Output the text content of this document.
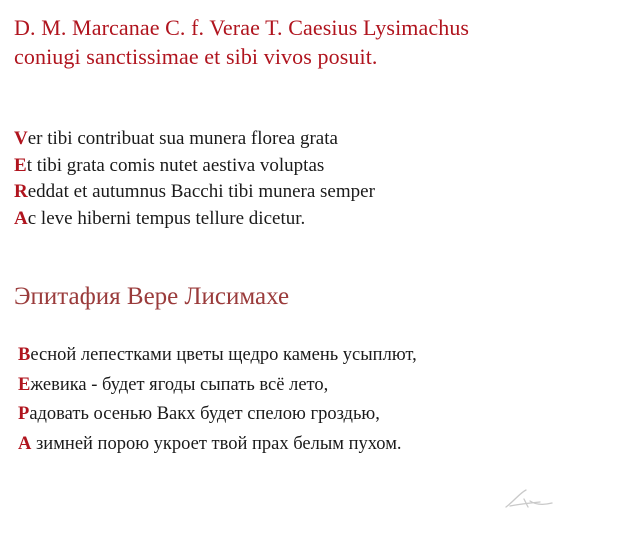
D. M. Marcanae C. f. Verae T. Caesius Lysimachus
coniugi sanctissimae et sibi vivos posuit.
Ver tibi contribuat sua munera florea grata
Et tibi grata comis nutet aestiva voluptas
Reddat et autumnus Bacchi tibi munera semper
Ac leve hiberni tempus tellure dicetur.
Эпитафия Вере Лисимахе
Весной лепестками цветы щедро камень усыплют,
Ежевика - будет ягоды сыпать всё лето,
Радовать осенью Вакх будет спелою гроздью,
А зимней порою укроет твой прах белым пухом.
